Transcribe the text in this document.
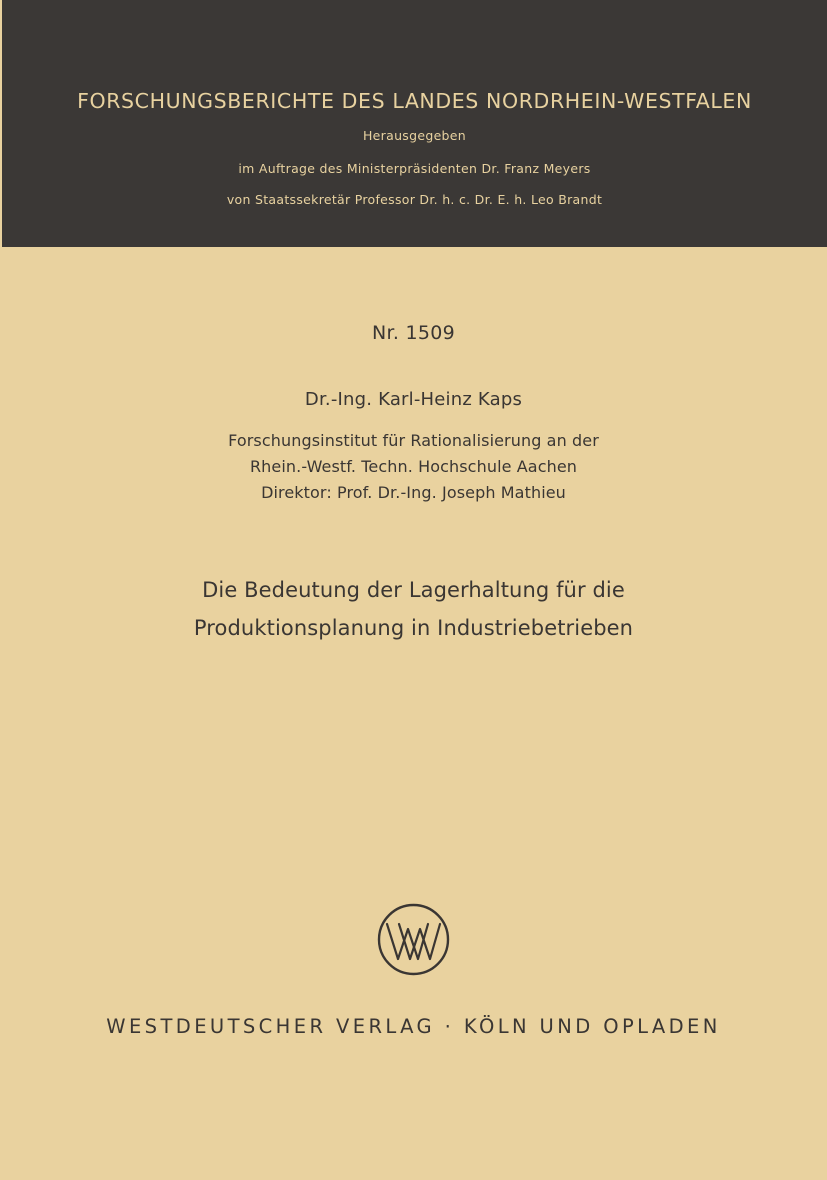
FORSCHUNGSBERICHTE DES LANDES NORDRHEIN-WESTFALEN
Herausgegeben
im Auftrage des Ministerpräsidenten Dr. Franz Meyers
von Staatssekretär Professor Dr. h. c. Dr. E. h. Leo Brandt
Nr. 1509
Dr.-Ing. Karl-Heinz Kaps
Forschungsinstitut für Rationalisierung an der
Rhein.-Westf. Techn. Hochschule Aachen
Direktor: Prof. Dr.-Ing. Joseph Mathieu
Die Bedeutung der Lagerhaltung für die
Produktionsplanung in Industriebetrieben
WESTDEUTSCHER VERLAG · KÖLN UND OPLADEN
